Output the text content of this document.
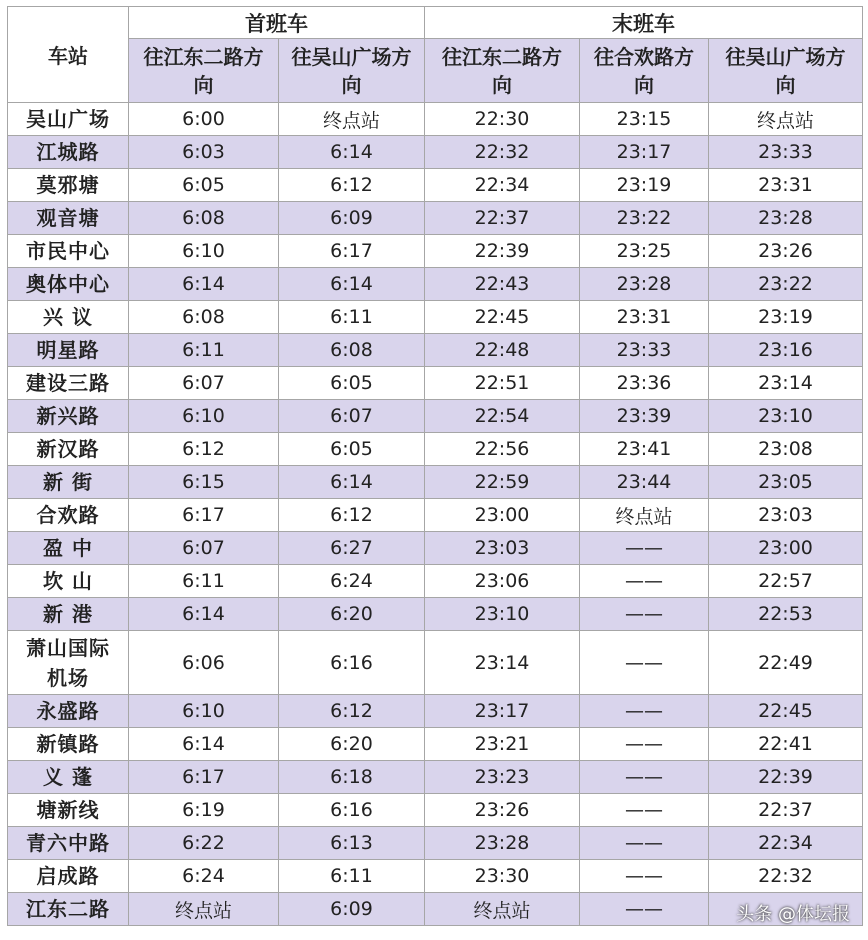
车站	首班车		末班车		

	往江东二路方向	往吴山广场方向	往江东二路方向	往合欢路方向	往吴山广场方向

吴山广场	6:00	终点站	22:30	23:15	终点站
江城路	6:03	6:14	22:32	23:17	23:33
莫邪塘	6:05	6:12	22:34	23:19	23:31
观音塘	6:08	6:09	22:37	23:22	23:28
市民中心	6:10	6:17	22:39	23:25	23:26
奥体中心	6:14	6:14	22:43	23:28	23:22
兴 议	6:08	6:11	22:45	23:31	23:19
明星路	6:11	6:08	22:48	23:33	23:16
建设三路	6:07	6:05	22:51	23:36	23:14
新兴路	6:10	6:07	22:54	23:39	23:10
新汉路	6:12	6:05	22:56	23:41	23:08
新 街	6:15	6:14	22:59	23:44	23:05
合欢路	6:17	6:12	23:00	终点站	23:03
盈 中	6:07	6:27	23:03	——	23:00
坎 山	6:11	6:24	23:06	——	22:57
新 港	6:14	6:20	23:10	——	22:53
萧山国际机场	6:06	6:16	23:14	——	22:49
永盛路	6:10	6:12	23:17	——	22:45
新镇路	6:14	6:20	23:21	——	22:41
义 蓬	6:17	6:18	23:23	——	22:39
塘新线	6:19	6:16	23:26	——	22:37
青六中路	6:22	6:13	23:28	——	22:34
启成路	6:24	6:11	23:30	——	22:32
江东二路	终点站	6:09	终点站	——		头条 @体坛报
